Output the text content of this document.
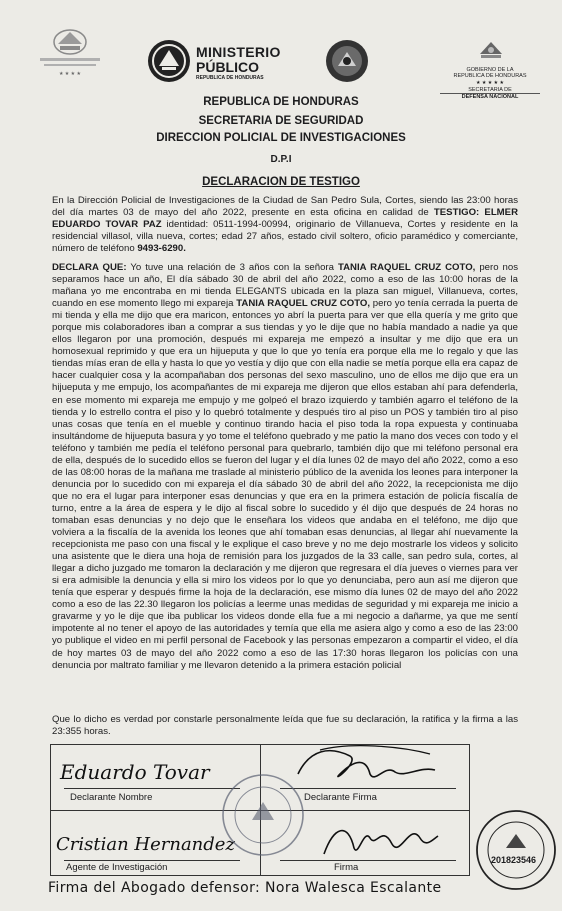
★ ★ ★ ★
MINISTERIO
PÚBLICO
REPUBLICA DE HONDURAS
GOBIERNO DE LA
REPUBLICA DE HONDURAS
★ ★ ★ ★ ★
SECRETARIA DE
DEFENSA NACIONAL
REPUBLICA DE HONDURAS
SECRETARIA DE SEGURIDAD
DIRECCION POLICIAL DE INVESTIGACIONES
D.P.I
DECLARACION DE TESTIGO

En la Dirección Policial de Investigaciones de la Ciudad de San Pedro Sula, Cortes, siendo las 23:00 horas del día martes 03 de mayo del año 2022, presente en esta oficina en calidad de TESTIGO: ELMER EDUARDO TOVAR PAZ identidad: 0511-1994-00994, originario de Villanueva, Cortes y residente en la residencial villasol, villa nueva, cortes; edad 27 años, estado civil soltero, oficio paramédico y comerciante, número de teléfono 9493-6290.

DECLARA QUE: Yo tuve una relación de 3 años con la señora TANIA RAQUEL CRUZ COTO, pero nos separamos hace un año, El día sábado 30 de abril del año 2022, como a eso de las 10:00 horas de la mañana yo me encontraba en mi tienda ELEGANTS ubicada en la plaza san miguel, Villanueva, cortes, cuando en ese momento llego mi expareja TANIA RAQUEL CRUZ COTO, pero yo tenía cerrada la puerta de mi tienda y ella me dijo que era maricon, entonces yo abrí la puerta para ver que ella quería y me grito que porque mis colaboradores iban a comprar a sus tiendas y yo le dije que no había mandado a nadie ya que ellos llegaron por una promoción, después mi expareja me empezó a insultar y me dijo que era un homosexual reprimido y que era un hijueputa y que lo que yo tenía era porque ella me lo regalo y que las tiendas mías eran de ella y hasta lo que yo vestía y dijo que con ella nadie se metía porque ella era capaz de hacer cualquier cosa y la acompañaban dos personas del sexo masculino, uno de ellos me dijo que era un hijueputa y me empujo, los acompañantes de mi expareja me dijeron que ellos estaban ahí para defenderla, en ese momento mi expareja me empujo y me golpeó el brazo izquierdo y también agarro el teléfono de la tienda y lo estrello contra el piso y lo quebró totalmente y después tiro al piso un POS y también tiro al piso unas cosas que tenía en el mueble y continuo tirando hacia el piso toda la ropa expuesta y continuaba insultándome de hijueputa basura y yo tome el teléfono quebrado y me patio la mano dos veces con todo y el teléfono y también me pedía el teléfono personal para quebrarlo, también dijo que mi teléfono personal era de ella, después de lo sucedido ellos se fueron del lugar y el día lunes 02 de mayo del año 2022, como a eso de las 08:00 horas de la mañana me traslade al ministerio público de la avenida los leones para interponer la denuncia por lo sucedido con mi expareja el día sábado 30 de abril del año 2022, la recepcionista me dijo que no era el lugar para interponer esas denuncias y que era en la primera estación de policía fiscalía de turno, entre a la área de espera y le dijo al fiscal sobre lo sucedido y él dijo que después de 24 horas no tomaban esas denuncias y no dejo que le enseñara los videos que andaba en el teléfono, me dijo que volviera a la fiscalía de la avenida los leones que ahí tomaban esas denuncias, al llegar ahí nuevamente la recepcionista me paso con una fiscal y le explique el caso breve y no me dejo mostrarle los videos y solicito una asistente que le diera una hoja de remisión para los juzgados de la 33 calle, san pedro sula, cortes, al llegar a dicho juzgado me tomaron la declaración y me dijeron que regresara el día jueves o viernes para ver si era admisible la denuncia y ella si miro los videos por lo que yo denunciaba, pero aun así me dijeron que tenía que esperar y después firme la hoja de la declaración, ese mismo día lunes 02 de mayo del año 2022 como a eso de las 22.30 llegaron los policías a leerme unas medidas de seguridad y mi expareja me inicio a gravarme y yo le dije que iba publicar los videos donde ella fue a mi negocio a dañarme, ya que me sentí impotente al no tener el apoyo de las autoridades y temía que ella me asiera algo y como a eso de las 23:00 yo publique el video en mi perfil personal de Facebook y las personas empezaron a compartir el video, el día de hoy martes 03 de mayo del año 2022 como a eso de las 17:30 horas llegaron los policías con una denuncia por maltrato familiar y me llevaron detenido a la primera estación policial

Que lo dicho es verdad por constarle personalmente leída que fue su declaración, la ratifica y la firma a las 23:355 horas.

Eduardo Tovar
Declarante Nombre	Declarante Firma
Cristian Hernandez
Agente de Investigación	Firma
201823546
Firma del Abogado defensor: Nora Walesca Escalante
